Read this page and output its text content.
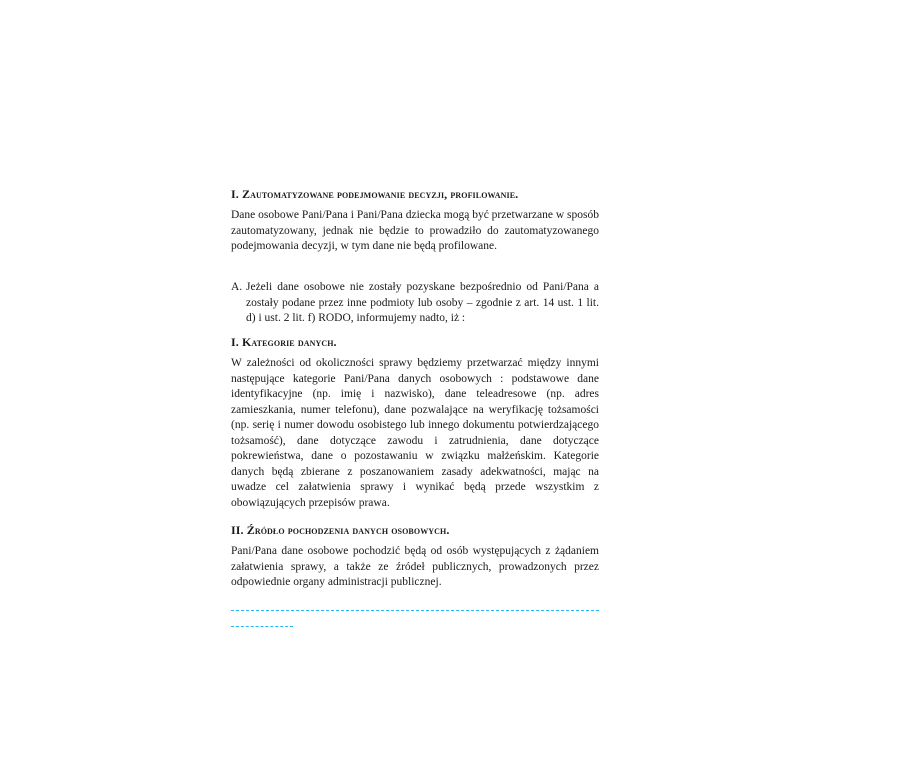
I. Zautomatyzowane podejmowanie decyzji, profilowanie.

Dane osobowe Pani/Pana i Pani/Pana dziecka mogą być przetwarzane w sposób zautomatyzowany, jednak nie będzie to prowadziło do zautomatyzowanego podejmowania decyzji, w tym dane nie będą profilowane.

A. Jeżeli dane osobowe nie zostały pozyskane bezpośrednio od Pani/Pana a zostały podane przez inne podmioty lub osoby – zgodnie z art. 14 ust. 1 lit. d) i ust. 2 lit. f) RODO, informujemy nadto, iż :
I. Kategorie danych.

W zależności od okoliczności sprawy będziemy przetwarzać między innymi następujące kategorie Pani/Pana danych osobowych : podstawowe dane identyfikacyjne (np. imię i nazwisko), dane teleadresowe (np. adres zamieszkania, numer telefonu), dane pozwalające na weryfikację tożsamości (np. serię i numer dowodu osobistego lub innego dokumentu potwierdzającego tożsamość), dane dotyczące zawodu i zatrudnienia, dane dotyczące pokrewieństwa, dane o pozostawaniu w związku małżeńskim. Kategorie danych będą zbierane z poszanowaniem zasady adekwatności, mając na uwadze cel załatwienia sprawy i wynikać będą przede wszystkim z obowiązujących przepisów prawa.

II. Źródło pochodzenia danych osobowych.

Pani/Pana dane osobowe pochodzić będą od osób występujących z żądaniem załatwienia sprawy, a także ze źródeł publicznych, prowadzonych przez odpowiednie organy administracji publicznej.
